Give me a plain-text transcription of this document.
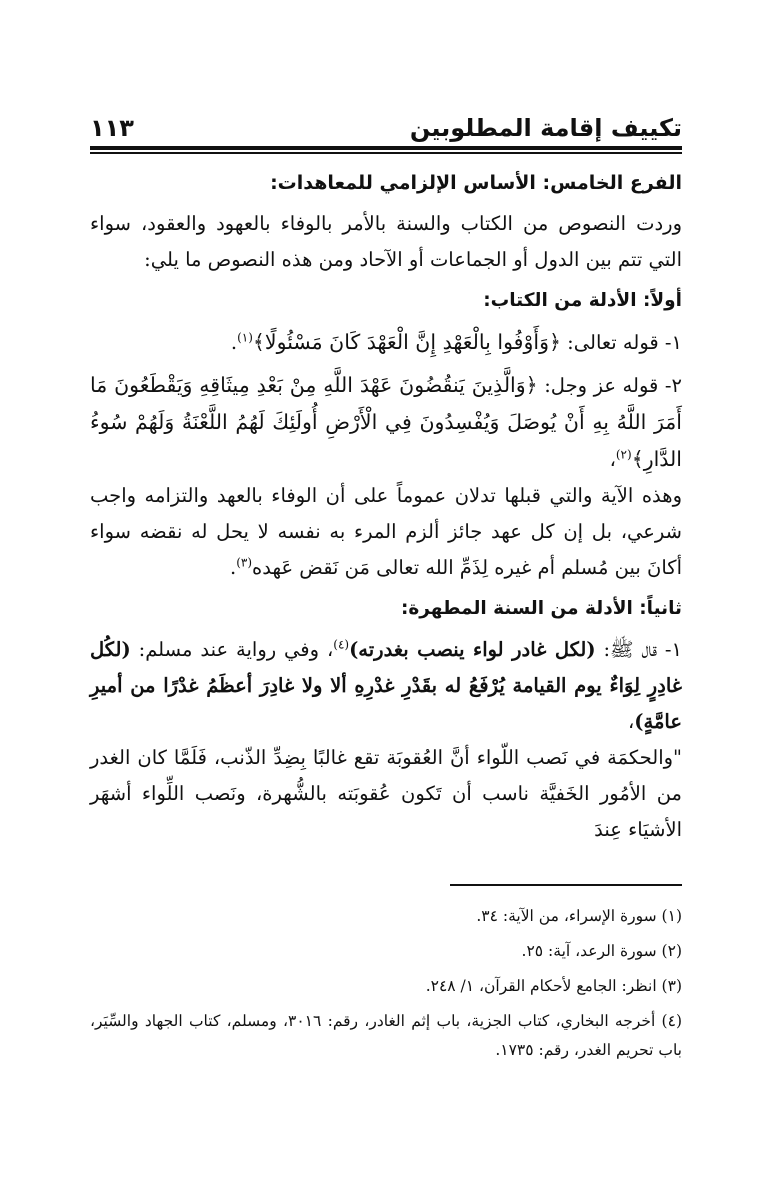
تكييف إقامة المطلوبين
١١٣

الفرع الخامس: الأساس الإلزامي للمعاهدات:

وردت النصوص من الكتاب والسنة بالأمر بالوفاء بالعهود والعقود، سواء التي تتم بين الدول أو الجماعات أو الآحاد ومن هذه النصوص ما يلي:

أولاً: الأدلة من الكتاب:

١- قوله تعالى: ﴿وَأَوْفُوا بِالْعَهْدِ إِنَّ الْعَهْدَ كَانَ مَسْئُولًا﴾$^{(١)}$.

٢- قوله عز وجل: ﴿وَالَّذِينَ يَنقُضُونَ عَهْدَ اللَّهِ مِنْ بَعْدِ مِيثَاقِهِ وَيَقْطَعُونَ مَا أَمَرَ اللَّهُ بِهِ أَنْ يُوصَلَ وَيُفْسِدُونَ فِي الْأَرْضِ أُولَئِكَ لَهُمُ اللَّعْنَةُ وَلَهُمْ سُوءُ الدَّارِ﴾$^{(٢)}$،

وهذه الآية والتي قبلها تدلان عموماً على أن الوفاء بالعهد والتزامه واجب شرعي، بل إن كل عهد جائز ألزم المرء به نفسه لا يحل له نقضه سواء أكانَ بين مُسلم أم غيره لِذَمِّ الله تعالى مَن نَقض عَهده$^{(٣)}$.

ثانياً: الأدلة من السنة المطهرة:

١- قال ﷺ: (لكل غادر لواء ينصب بغدرته)$^{(٤)}$، وفي رواية عند مسلم: (لكُل غادِرٍ لِوَاءٌ يوم القيامة يُرْفَعُ له بقَدْرِ غدْرِهِ ألا ولا غادِرَ أعظَمُ غدْرًا من أميرِ عامَّةٍ)،

"والحكمَة في نَصب اللّواء أنَّ العُقوبَة تقع غالبًا بِضِدِّ الذّنب، فَلَمَّا كان الغدر من الأمُور الخَفيَّة ناسب أن تَكون عُقوبَته بالشُّهرة، ونَصب اللِّواء أشهَر الأشيَاء عِندَ

(١) سورة الإسراء، من الآية: ٣٤.

(٢) سورة الرعد، آية: ٢٥.

(٣) انظر: الجامع لأحكام القرآن، ١/ ٢٤٨.

(٤) أخرجه البخاري، كتاب الجزية، باب إثم الغادر، رقم: ٣٠١٦، ومسلم، كتاب الجهاد والسِّيَر، باب تحريم الغدر، رقم: ١٧٣٥.
